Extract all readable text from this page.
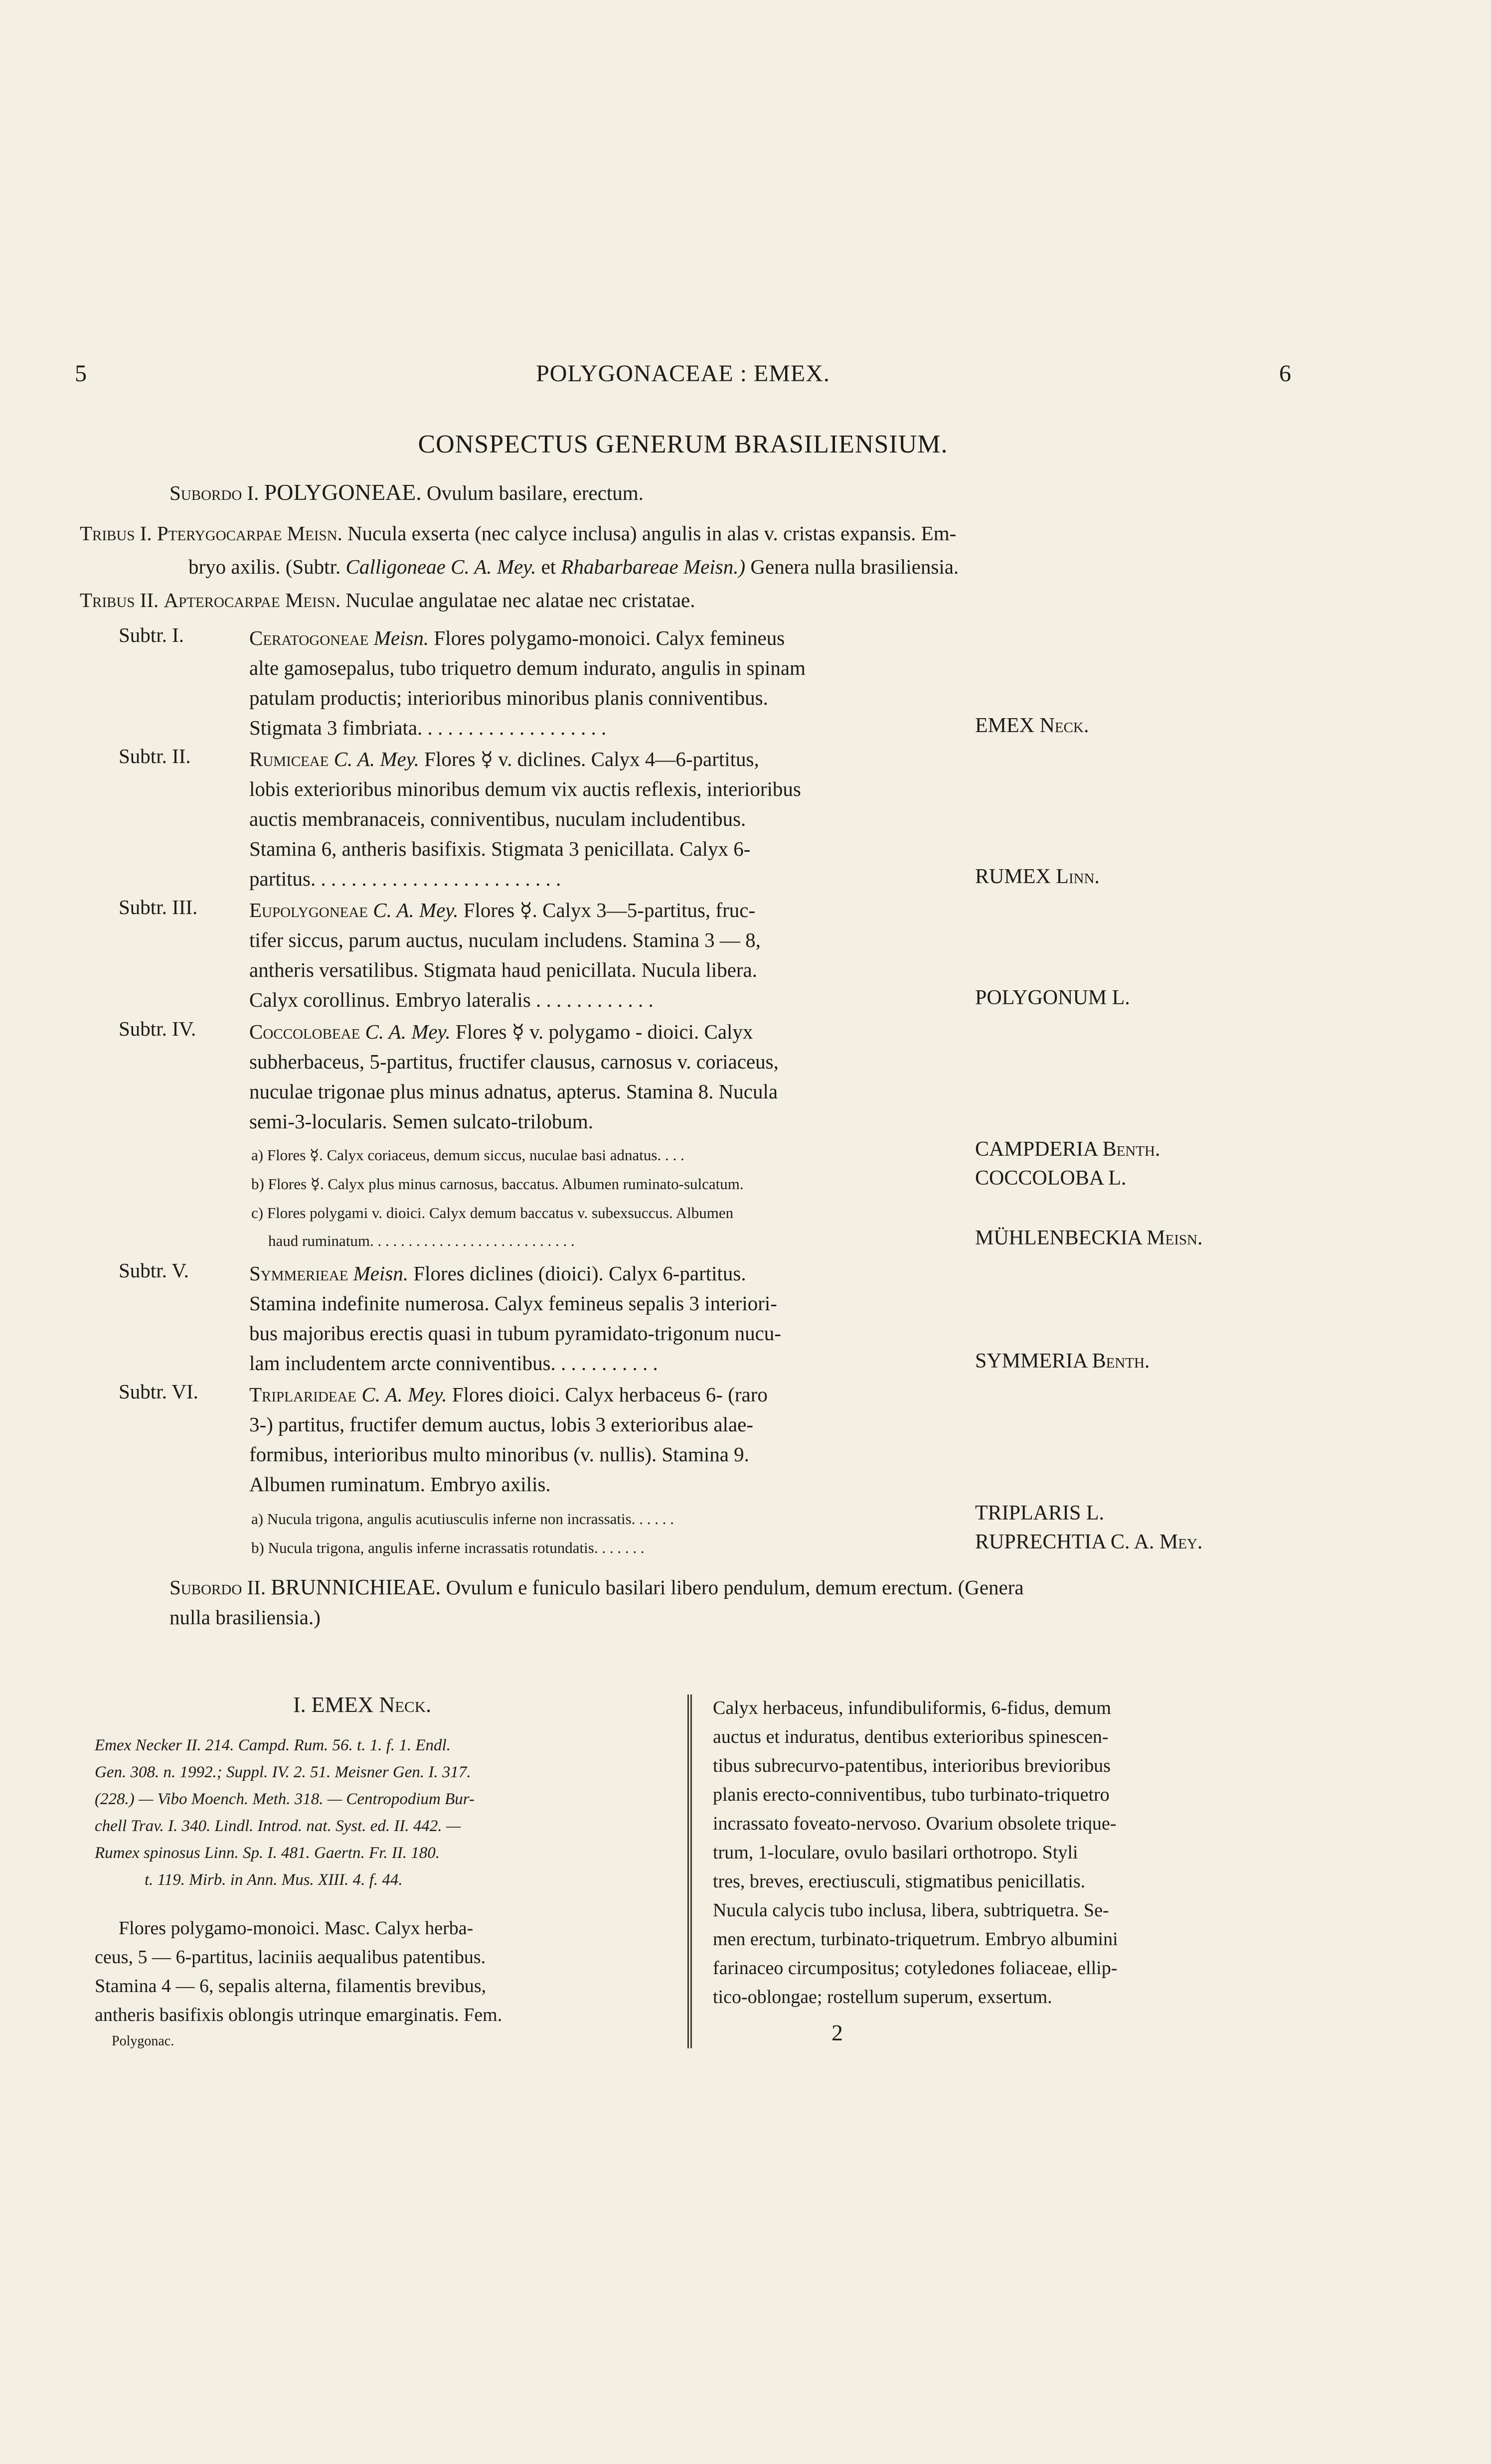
5	POLYGONACEAE : EMEX.	6
CONSPECTUS GENERUM BRASILIENSIUM.
Subordo I. POLYGONEAE. Ovulum basilare, erectum.
Tribus I. Pterygocarpae Meisn. Nucula exserta (nec calyce inclusa) angulis in alas v. cristas expansis. Em-
bryo axilis. (Subtr. Calligoneae C. A. Mey. et Rhabarbareae Meisn.) Genera nulla brasiliensia.
Tribus II. Apterocarpae Meisn. Nuculae angulatae nec alatae nec cristatae.
Subtr. I.	Ceratogoneae Meisn. Flores polygamo-monoici. Calyx femineus
alte gamosepalus, tubo triquetro demum indurato, angulis in spinam
patulam productis; interioribus minoribus planis conniventibus.
Stigmata 3 fimbriata. . . . . . . . . . . . . . . . . . .	EMEX Neck.
Subtr. II.	Rumiceae C. A. Mey. Flores ☿ v. diclines. Calyx 4—6-partitus,
lobis exterioribus minoribus demum vix auctis reflexis, interioribus
auctis membranaceis, conniventibus, nuculam includentibus.
Stamina 6, antheris basifixis. Stigmata 3 penicillata. Calyx 6-
partitus. . . . . . . . . . . . . . . . . . . . . . . . .	RUMEX Linn.
Subtr. III.	Eupolygoneae C. A. Mey. Flores ☿. Calyx 3—5-partitus, fruc-
tifer siccus, parum auctus, nuculam includens. Stamina 3 — 8,
antheris versatilibus. Stigmata haud penicillata. Nucula libera.
Calyx corollinus. Embryo lateralis . . . . . . . . . . . .	POLYGONUM L.
Subtr. IV.	Coccolobeae C. A. Mey. Flores ☿ v. polygamo - dioici. Calyx
subherbaceus, 5-partitus, fructifer clausus, carnosus v. coriaceus,
nuculae trigonae plus minus adnatus, apterus. Stamina 8. Nucula
semi-3-locularis. Semen sulcato-trilobum.
a) Flores ☿. Calyx coriaceus, demum siccus, nuculae basi adnatus. . . .	CAMPDERIA Benth.
b) Flores ☿. Calyx plus minus carnosus, baccatus. Albumen ruminato-sulcatum.	COCCOLOBA L.
c) Flores polygami v. dioici. Calyx demum baccatus v. subexsuccus. Albumen
haud ruminatum. . . . . . . . . . . . . . . . . . . . . . . . . . .	MÜHLENBECKIA Meisn.
Subtr. V.	Symmerieae Meisn. Flores diclines (dioici). Calyx 6-partitus.
Stamina indefinite numerosa. Calyx femineus sepalis 3 interiori-
bus majoribus erectis quasi in tubum pyramidato-trigonum nucu-
lam includentem arcte conniventibus. . . . . . . . . . .	SYMMERIA Benth.
Subtr. VI. Triplarideae C. A. Mey. Flores dioici. Calyx herbaceus 6- (raro
3-) partitus, fructifer demum auctus, lobis 3 exterioribus alae-
formibus, interioribus multo minoribus (v. nullis). Stamina 9.
Albumen ruminatum. Embryo axilis.
a) Nucula trigona, angulis acutiusculis inferne non incrassatis. . . . . .	TRIPLARIS L.
b) Nucula trigona, angulis inferne incrassatis rotundatis. . . . . . .	RUPRECHTIA C. A. Mey.
Subordo II. BRUNNICHIEAE. Ovulum e funiculo basilari libero pendulum, demum erectum. (Genera
nulla brasiliensia.)
I. EMEX Neck.
Emex Necker II. 214. Campd. Rum. 56. t. 1. f. 1. Endl.
Gen. 308. n. 1992.; Suppl. IV. 2. 51. Meisner Gen. I. 317.
(228.) — Vibo Moench. Meth. 318. — Centropodium Bur-
chell Trav. I. 340. Lindl. Introd. nat. Syst. ed. II. 442. —
Rumex spinosus Linn. Sp. I. 481. Gaertn. Fr. II. 180.
t. 119. Mirb. in Ann. Mus. XIII. 4. f. 44.
Flores polygamo-monoici. Masc. Calyx herba-
ceus, 5 — 6-partitus, laciniis aequalibus patentibus.
Stamina 4 — 6, sepalis alterna, filamentis brevibus,
antheris basifixis oblongis utrinque emarginatis. Fem.
Polygonac.
Calyx herbaceus, infundibuliformis, 6-fidus, demum
auctus et induratus, dentibus exterioribus spinescen-
tibus subrecurvo-patentibus, interioribus brevioribus
planis erecto-conniventibus, tubo turbinato-triquetro
incrassato foveato-nervoso. Ovarium obsolete trique-
trum, 1-loculare, ovulo basilari orthotropo. Styli
tres, breves, erectiusculi, stigmatibus penicillatis.
Nucula calycis tubo inclusa, libera, subtriquetra. Se-
men erectum, turbinato-triquetrum. Embryo albumini
farinaceo circumpositus; cotyledones foliaceae, ellip-
tico-oblongae; rostellum superum, exsertum.
2
